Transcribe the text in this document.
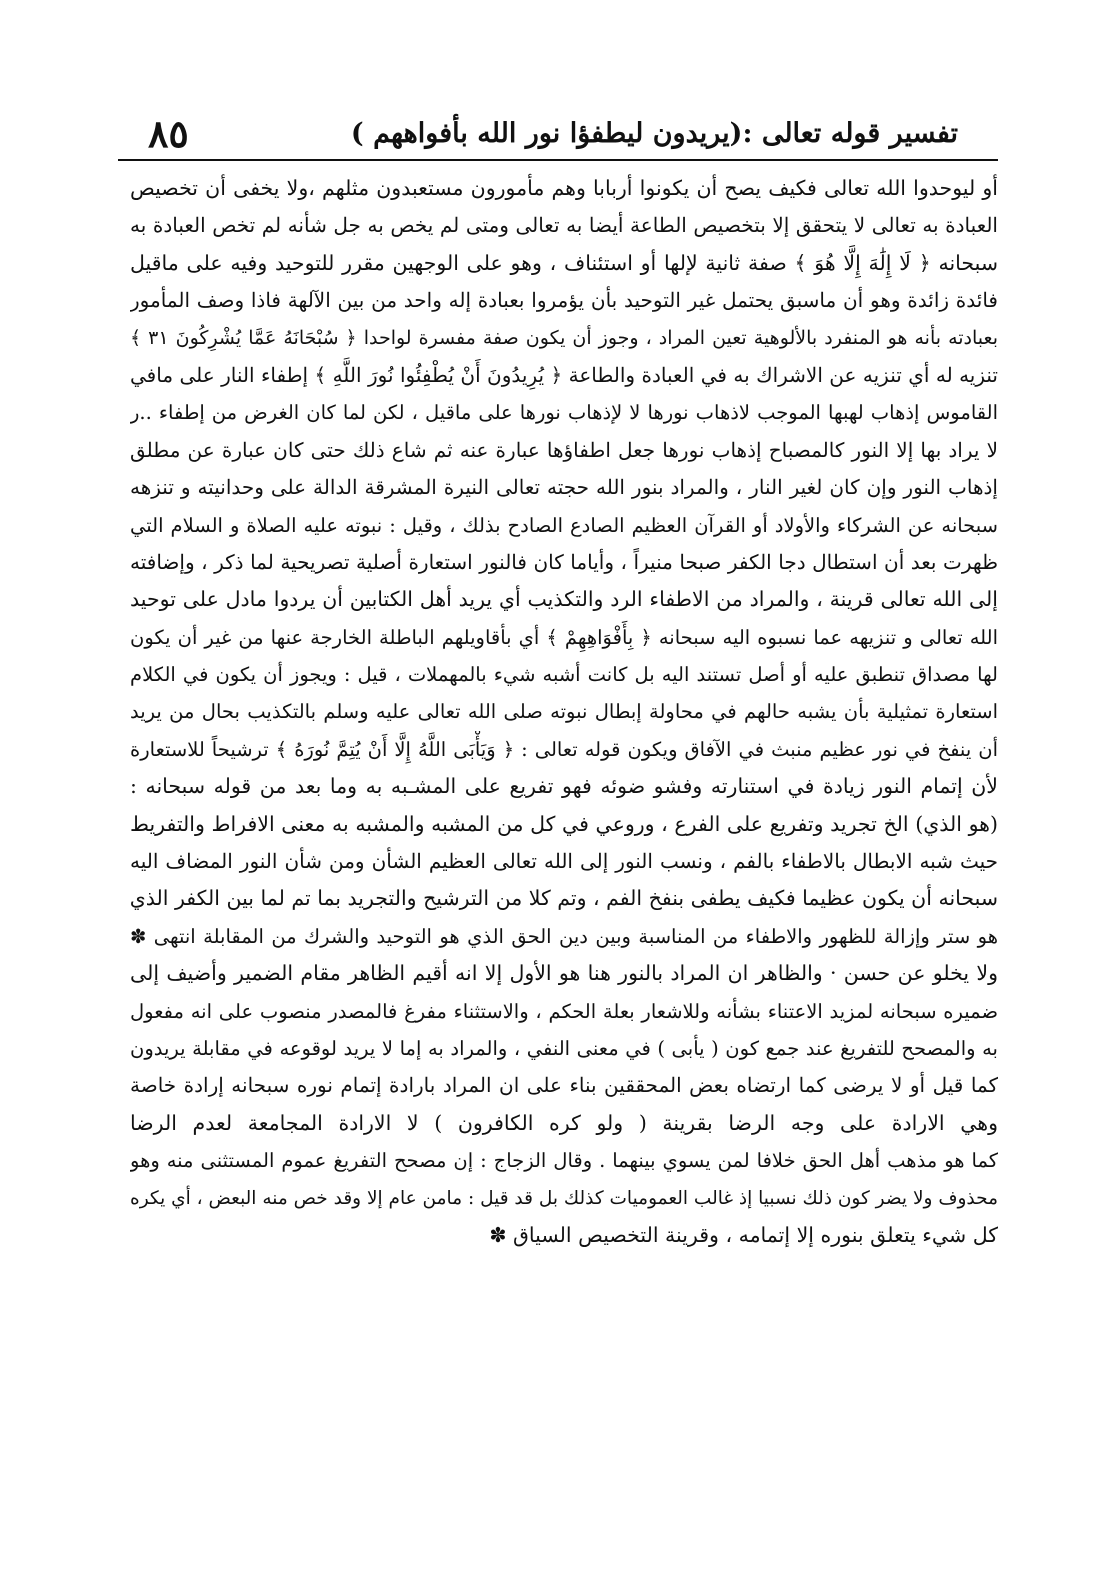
تفسير قوله تعالى :(يريدون ليطفؤا نور الله بأفواههم )
٨٥
أو ليوحدوا الله تعالى فكيف يصح أن يكونوا أربابا وهم مأمورون مستعبدون مثلهم ،ولا يخفى أن تخصيص
العبادة به تعالى لا يتحقق إلا بتخصيص الطاعة أيضا به تعالى ومتى لم يخص به جل شأنه لم تخص العبادة به
سبحانه ﴿ لَا إِلَٰهَ إِلَّا هُوَ ﴾ صفة ثانية لإلها أو استئناف ، وهو على الوجهين مقرر للتوحيد وفيه على ماقيل
فائدة زائدة وهو أن ماسبق يحتمل غير التوحيد بأن يؤمروا بعبادة إله واحد من بين الآلهة فاذا وصف المأمور
بعبادته بأنه هو المنفرد بالألوهية تعين المراد ، وجوز أن يكون صفة مفسرة لواحدا ﴿ سُبْحَانَهُ عَمَّا يُشْرِكُونَ ٣١ ﴾
تنزيه له أي تنزيه عن الاشراك به في العبادة والطاعة ﴿ يُرِيدُونَ أَنْ يُطْفِئُوا نُورَ اللَّهِ ﴾ إطفاء النار على مافي
القاموس إذهاب لهبها الموجب لاذهاب نورها لا لإذهاب نورها على ماقيل ، لكن لما كان الغرض من إطفاء ..ر
لا يراد بها إلا النور كالمصباح إذهاب نورها جعل اطفاؤها عبارة عنه ثم شاع ذلك حتى كان عبارة عن مطلق
إذهاب النور وإن كان لغير النار ، والمراد بنور الله حجته تعالى النيرة المشرقة الدالة على وحدانيته و تنزهه
سبحانه عن الشركاء والأولاد أو القرآن العظيم الصادع الصادح بذلك ، وقيل : نبوته عليه الصلاة و السلام التي
ظهرت بعد أن استطال دجا الكفر صبحا منيراً ، وأياما كان فالنور استعارة أصلية تصريحية لما ذكر ، وإضافته
إلى الله تعالى قرينة ، والمراد من الاطفاء الرد والتكذيب أي يريد أهل الكتابين أن يردوا مادل على توحيد
الله تعالى و تنزيهه عما نسبوه اليه سبحانه ﴿ بِأَفْوَاهِهِمْ ﴾ أي بأقاويلهم الباطلة الخارجة عنها من غير أن يكون
لها مصداق تنطبق عليه أو أصل تستند اليه بل كانت أشبه شيء بالمهملات ، قيل : ويجوز أن يكون في الكلام
استعارة تمثيلية بأن يشبه حالهم في محاولة إبطال نبوته صلى الله تعالى عليه وسلم بالتكذيب بحال من يريد
أن ينفخ في نور عظيم منبث في الآفاق ويكون قوله تعالى : ﴿ وَيَأْبَى اللَّهُ إِلَّا أَنْ يُتِمَّ نُورَهُ ﴾ ترشيحاً للاستعارة
لأن إتمام النور زيادة في استنارته وفشو ضوئه فهو تفريع على المشـبه به وما بعد من قوله سبحانه :
(هو الذي) الخ تجريد وتفريع على الفرع ، وروعي في كل من المشبه والمشبه به معنى الافراط والتفريط
حيث شبه الابطال بالاطفاء بالفم ، ونسب النور إلى الله تعالى العظيم الشأن ومن شأن النور المضاف اليه
سبحانه أن يكون عظيما فكيف يطفى بنفخ الفم ، وتم كلا من الترشيح والتجريد بما تم لما بين الكفر الذي
هو ستر وإزالة للظهور والاطفاء من المناسبة وبين دين الحق الذي هو التوحيد والشرك من المقابلة انتهى ✽
ولا يخلو عن حسن · والظاهر ان المراد بالنور هنا هو الأول إلا انه أقيم الظاهر مقام الضمير وأضيف إلى
ضميره سبحانه لمزيد الاعتناء بشأنه وللاشعار بعلة الحكم ، والاستثناء مفرغ فالمصدر منصوب على انه مفعول
به والمصحح للتفريغ عند جمع كون ( يأبى ) في معنى النفي ، والمراد به إما لا يريد لوقوعه في مقابلة يريدون
كما قيل أو لا يرضى كما ارتضاه بعض المحققين بناء على ان المراد بارادة إتمام نوره سبحانه إرادة خاصة
وهي الارادة على وجه الرضا بقرينة ( ولو كره الكافرون ) لا الارادة المجامعة لعدم الرضا
كما هو مذهب أهل الحق خلافا لمن يسوي بينهما . وقال الزجاج : إن مصحح التفريغ عموم المستثنى منه وهو
محذوف ولا يضر كون ذلك نسبيا إذ غالب العموميات كذلك بل قد قيل : مامن عام إلا وقد خص منه البعض ، أي يكره
كل شيء يتعلق بنوره إلا إتمامه ، وقرينة التخصيص السياق ✽
